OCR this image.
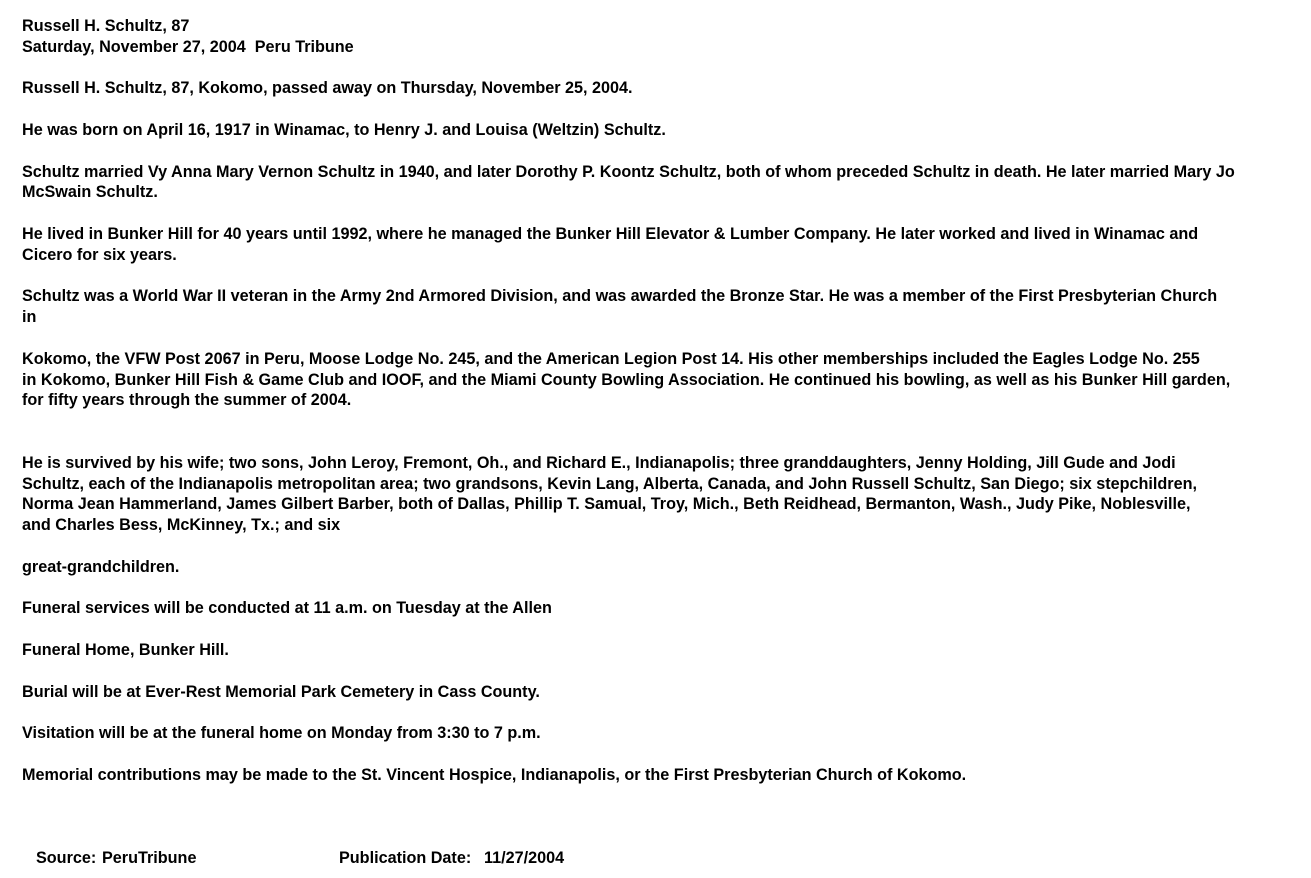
Russell H. Schultz, 87

Saturday, November 27, 2004  Peru Tribune

Russell H. Schultz, 87, Kokomo, passed away on Thursday, November 25, 2004.

He was born on April 16, 1917 in Winamac, to Henry J. and Louisa (Weltzin) Schultz.

Schultz married Vy Anna Mary Vernon Schultz in 1940, and later Dorothy P. Koontz Schultz, both of whom preceded Schultz in death. He later married Mary Jo
McSwain Schultz.

He lived in Bunker Hill for 40 years until 1992, where he managed the Bunker Hill Elevator & Lumber Company. He later worked and lived in Winamac and
Cicero for six years.

Schultz was a World War II veteran in the Army 2nd Armored Division, and was awarded the Bronze Star. He was a member of the First Presbyterian Church
in

Kokomo, the VFW Post 2067 in Peru, Moose Lodge No. 245, and the American Legion Post 14. His other memberships included the Eagles Lodge No. 255
in Kokomo, Bunker Hill Fish & Game Club and IOOF, and the Miami County Bowling Association. He continued his bowling, as well as his Bunker Hill garden,
for fifty years through the summer of 2004.

He is survived by his wife; two sons, John Leroy, Fremont, Oh., and Richard E., Indianapolis; three granddaughters, Jenny Holding, Jill Gude and Jodi
Schultz, each of the Indianapolis metropolitan area; two grandsons, Kevin Lang, Alberta, Canada, and John Russell Schultz, San Diego; six stepchildren,
Norma Jean Hammerland, James Gilbert Barber, both of Dallas, Phillip T. Samual, Troy, Mich., Beth Reidhead, Bermanton, Wash., Judy Pike, Noblesville,
and Charles Bess, McKinney, Tx.; and six

great-grandchildren.

Funeral services will be conducted at 11 a.m. on Tuesday at the Allen

Funeral Home, Bunker Hill.

Burial will be at Ever-Rest Memorial Park Cemetery in Cass County.

Visitation will be at the funeral home on Monday from 3:30 to 7 p.m.

Memorial contributions may be made to the St. Vincent Hospice, Indianapolis, or the First Presbyterian Church of Kokomo.

Source: PeruTribune	Publication Date: 11/27/2004
